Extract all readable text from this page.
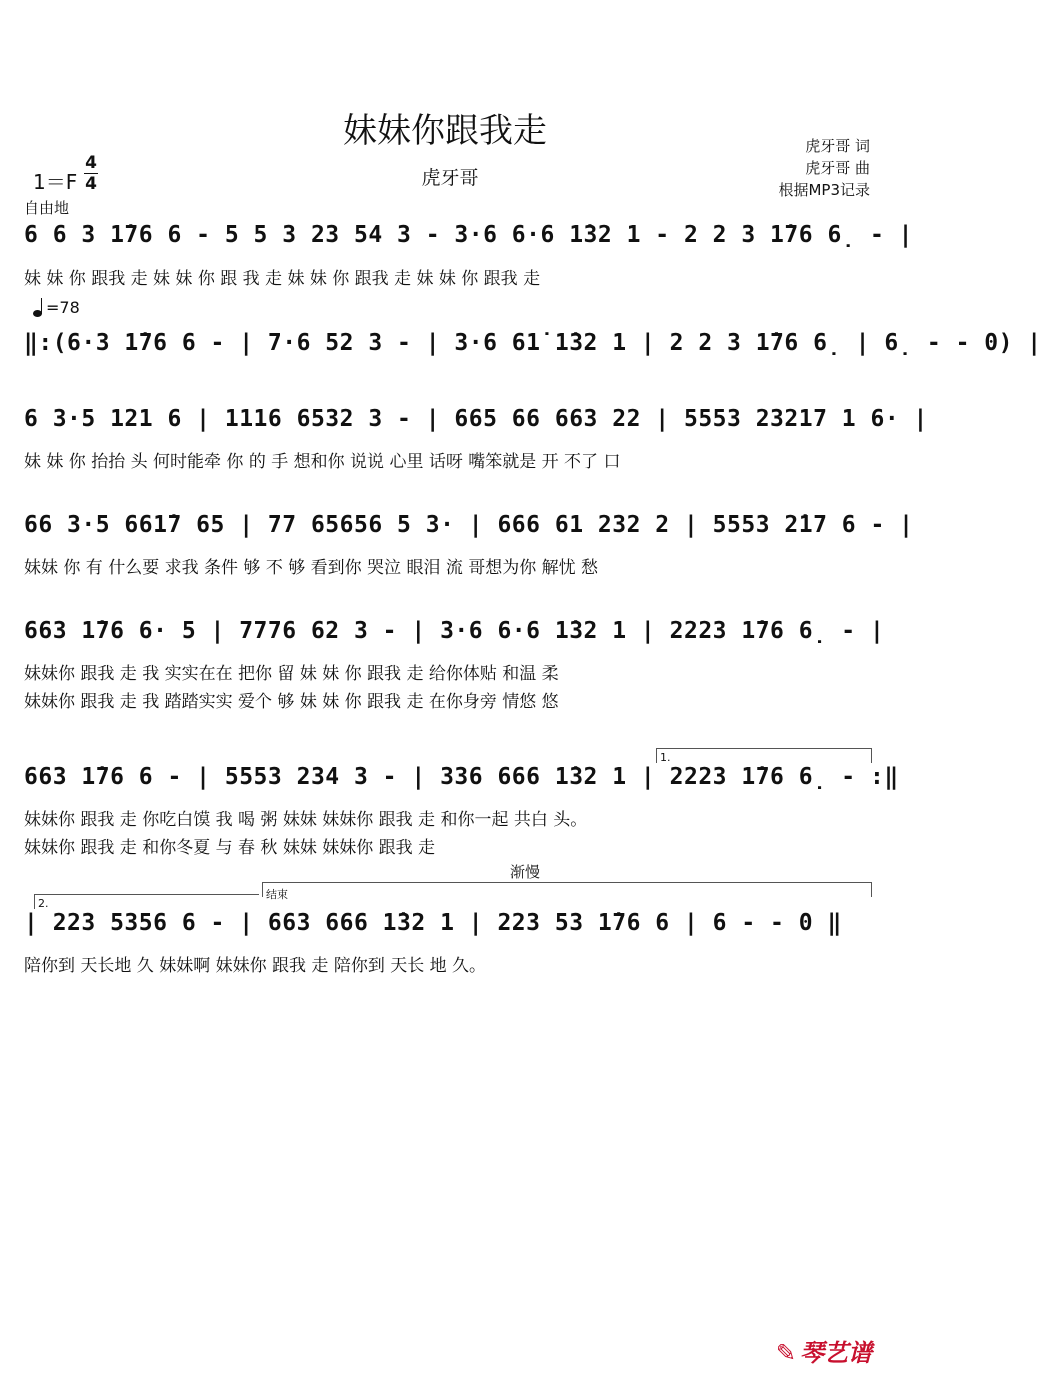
妹妹你跟我走
虎牙哥
虎牙哥 词
虎牙哥 曲
根据MP3记录
1＝F
4
4
自由地
6 6 3 1̇76 6 - 5 5 3 23 54 3 - 3·6 6·6 1̇32 1 - 2 2 3 1̇76 6̣ - |
妹 妹 你 跟我 走 妹 妹 你 跟 我 走 妹 妹 你 跟我 走 妹 妹 你 跟我 走
=78
‖:(6·3 1̇76 6 - | 7·6 52 3 - | 3·6 61̇ 1̇32 1 | 2 2 3 1̇76 6̣ | 6̣ - - 0) |
6 3·5 121 6 | 1116 6532 3 - | 665 66 663 22 | 5553 23217 1 6· |
妹 妹 你 抬抬 头 何时能牵 你 的 手 想和你 说说 心里 话呀 嘴笨就是 开 不了 口
66 3·5 661̇7 65 | 77 65656 5 3· | 666 61 232 2 | 5553 2̇17 6 - |
妹妹 你 有 什么要 求我 条件 够 不 够 看到你 哭泣 眼泪 流 哥想为你 解忧 愁
663 1̇76 6· 5 | 7776 62 3 - | 3·6 6·6 1̇32 1 | 2223 1̇76 6̣ - |
妹妹你 跟我 走 我 实实在在 把你 留 妹 妹 你 跟我 走 给你体贴 和温 柔
妹妹你 跟我 走 我 踏踏实实 爱个 够 妹 妹 你 跟我 走 在你身旁 情悠 悠
1.
663 1̇76 6 - | 5553 234 3 - | 336 666 1̇32 1 | 2223 1̇76 6̣ - :‖
妹妹你 跟我 走 你吃白馍 我 喝 粥 妹妹 妹妹你 跟我 走 和你一起 共白 头。
妹妹你 跟我 走 和你冬夏 与 春 秋 妹妹 妹妹你 跟我 走
渐慢
2.
结束
| 223 5356 6 - | 663 666 1̇32 1 | 223 53 1̇76 6 | 6 - - 0 ‖
陪你到 天长地 久 妹妹啊 妹妹你 跟我 走 陪你到 天长 地 久。
✎ 琴艺谱
